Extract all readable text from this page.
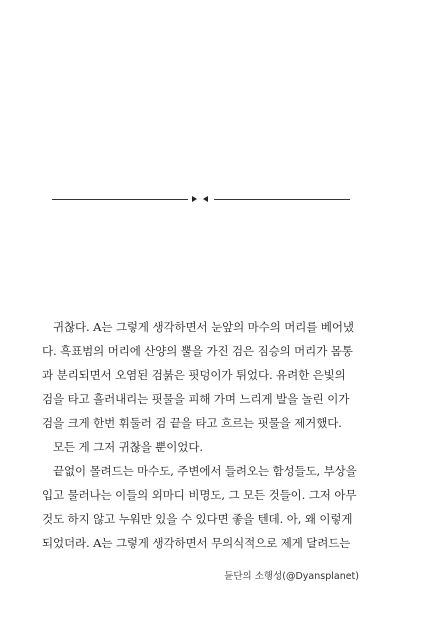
귀찮다. A는 그렇게 생각하면서 눈앞의 마수의 머리를 베어냈
다. 흑표범의 머리에 산양의 뿔을 가진 검은 짐승의 머리가 몸통
과 분리되면서 오염된 검붉은 핏덩이가 튀었다. 유려한 은빛의
검을 타고 흘러내리는 핏물을 피해 가며 느리게 발을 놀린 이가
검을 크게 한번 휘둘러 검 끝을 타고 흐르는 핏물을 제거했다.
모든 게 그저 귀찮을 뿐이었다.
끝없이 몰려드는 마수도, 주변에서 들려오는 함성들도, 부상을
입고 물러나는 이들의 외마디 비명도, 그 모든 것들이. 그저 아무
것도 하지 않고 누워만 있을 수 있다면 좋을 텐데. 아, 왜 이렇게
되었더라. A는 그렇게 생각하면서 무의식적으로 제게 달려드는
듄단의 소행성(@Dyansplanet)
